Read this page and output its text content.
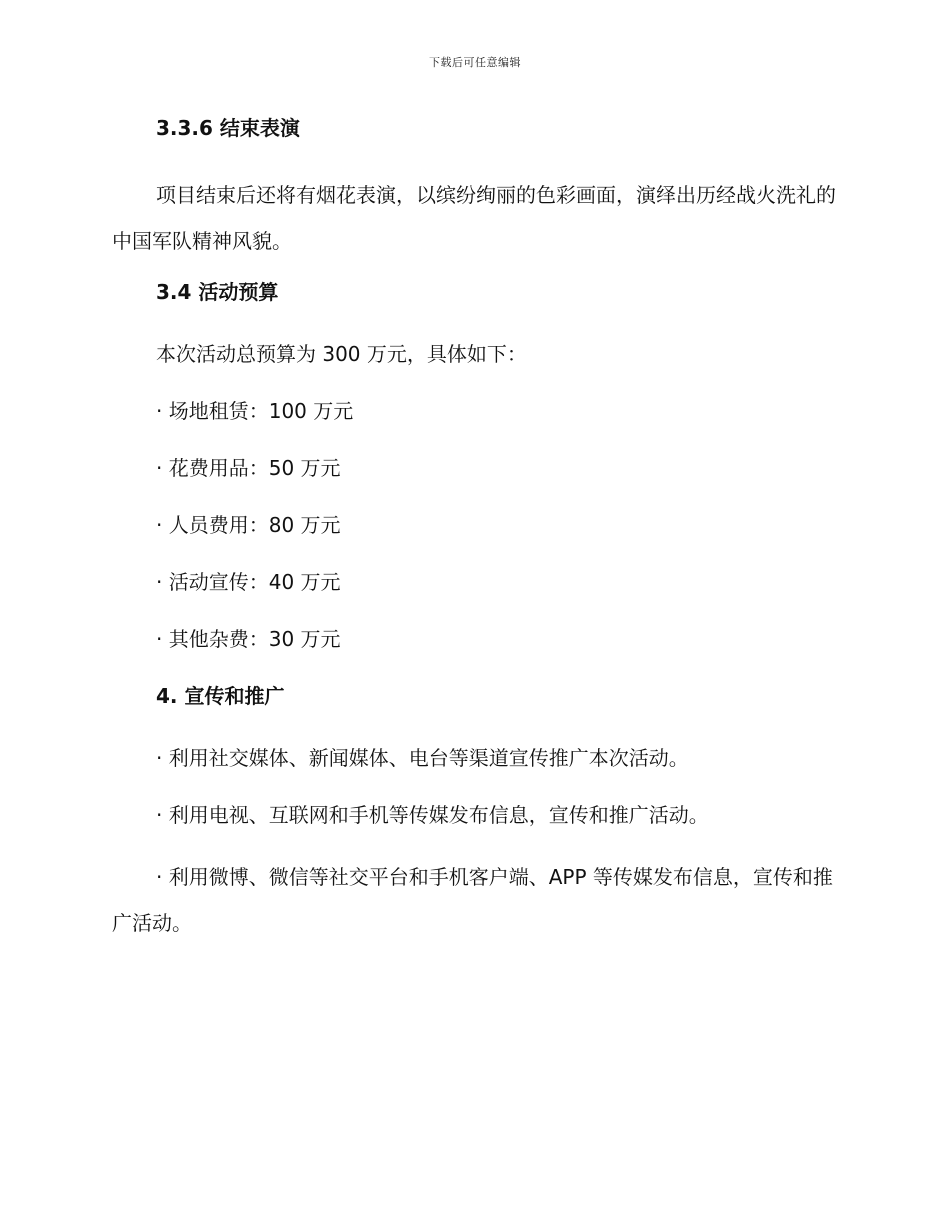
下载后可任意编辑
3.3.6 结束表演

项目结束后还将有烟花表演，以缤纷绚丽的色彩画面，演绎出历经战火洗礼的中国军队精神风貌。

3.4 活动预算
本次活动总预算为 300 万元，具体如下：
· 场地租赁：100 万元
· 花费用品：50 万元
· 人员费用：80 万元
· 活动宣传：40 万元
· 其他杂费：30 万元
4. 宣传和推广
· 利用社交媒体、新闻媒体、电台等渠道宣传推广本次活动。
· 利用电视、互联网和手机等传媒发布信息，宣传和推广活动。

· 利用微博、微信等社交平台和手机客户端、APP 等传媒发布信息，宣传和推广活动。
